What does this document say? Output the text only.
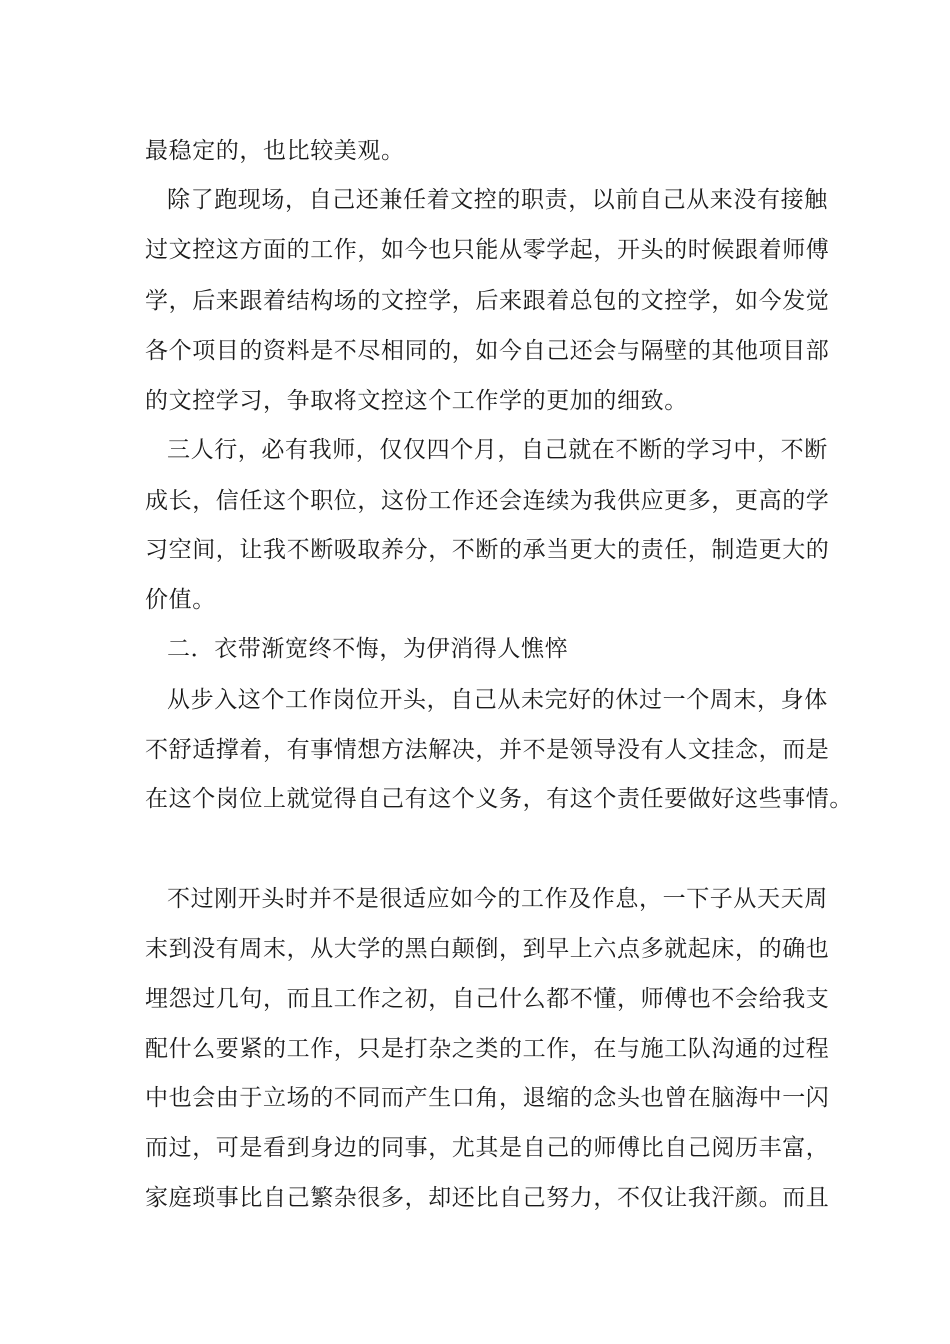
最稳定的，也比较美观。
除了跑现场，自己还兼任着文控的职责，以前自己从来没有接触
过文控这方面的工作，如今也只能从零学起，开头的时候跟着师傅
学，后来跟着结构场的文控学，后来跟着总包的文控学，如今发觉
各个项目的资料是不尽相同的，如今自己还会与隔壁的其他项目部
的文控学习，争取将文控这个工作学的更加的细致。
三人行，必有我师，仅仅四个月，自己就在不断的学习中，不断
成长，信任这个职位，这份工作还会连续为我供应更多，更高的学
习空间，让我不断吸取养分，不断的承当更大的责任，制造更大的
价值。
二．衣带渐宽终不悔，为伊消得人憔悴
从步入这个工作岗位开头，自己从未完好的休过一个周末，身体
不舒适撑着，有事情想方法解决，并不是领导没有人文挂念，而是
在这个岗位上就觉得自己有这个义务，有这个责任要做好这些事情。
不过刚开头时并不是很适应如今的工作及作息，一下子从天天周
末到没有周末，从大学的黑白颠倒，到早上六点多就起床，的确也
埋怨过几句，而且工作之初，自己什么都不懂，师傅也不会给我支
配什么要紧的工作，只是打杂之类的工作，在与施工队沟通的过程
中也会由于立场的不同而产生口角，退缩的念头也曾在脑海中一闪
而过，可是看到身边的同事，尤其是自己的师傅比自己阅历丰富，
家庭琐事比自己繁杂很多，却还比自己努力，不仅让我汗颜。而且
